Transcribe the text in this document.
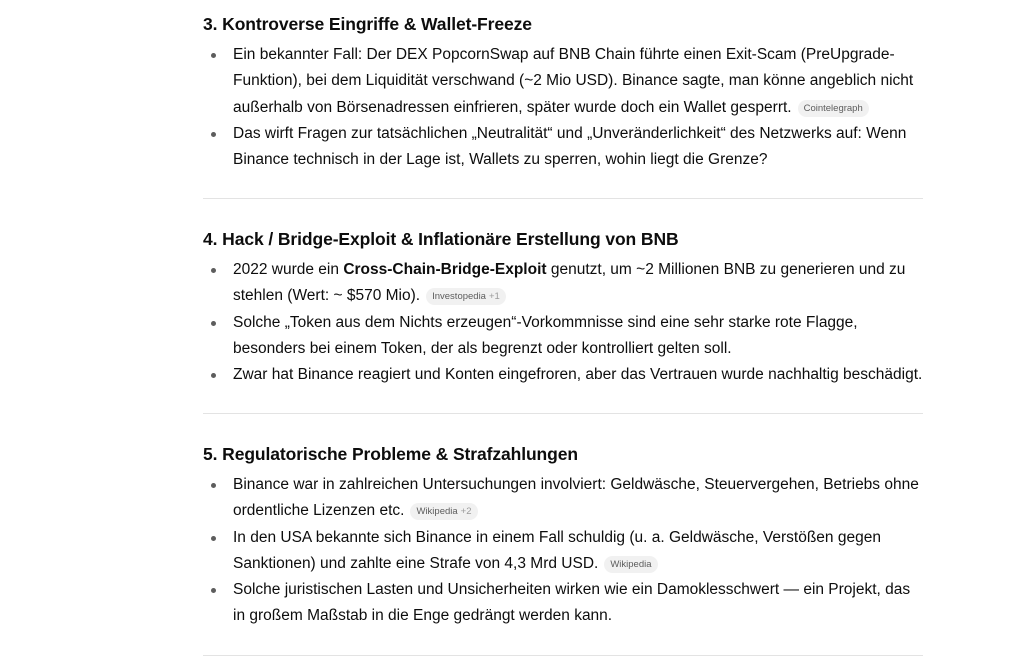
3. Kontroverse Eingriffe & Wallet-Freeze
Ein bekannter Fall: Der DEX PopcornSwap auf BNB Chain führte einen Exit-Scam (PreUpgrade-Funktion), bei dem Liquidität verschwand (~2 Mio USD). Binance sagte, man könne angeblich nicht außerhalb von Börsenadressen einfrieren, später wurde doch ein Wallet gesperrt. Cointelegraph
Das wirft Fragen zur tatsächlichen „Neutralität“ und „Unveränderlichkeit“ des Netzwerks auf: Wenn Binance technisch in der Lage ist, Wallets zu sperren, wohin liegt die Grenze?
4. Hack / Bridge-Exploit & Inflationäre Erstellung von BNB
2022 wurde ein Cross-Chain-Bridge-Exploit genutzt, um ~2 Millionen BNB zu generieren und zu stehlen (Wert: ~ $570 Mio). Investopedia +1
Solche „Token aus dem Nichts erzeugen“-Vorkommnisse sind eine sehr starke rote Flagge, besonders bei einem Token, der als begrenzt oder kontrolliert gelten soll.
Zwar hat Binance reagiert und Konten eingefroren, aber das Vertrauen wurde nachhaltig beschädigt.
5. Regulatorische Probleme & Strafzahlungen
Binance war in zahlreichen Untersuchungen involviert: Geldwäsche, Steuervergehen, Betriebs ohne ordentliche Lizenzen etc. Wikipedia +2
In den USA bekannte sich Binance in einem Fall schuldig (u. a. Geldwäsche, Verstößen gegen Sanktionen) und zahlte eine Strafe von 4,3 Mrd USD. Wikipedia
Solche juristischen Lasten und Unsicherheiten wirken wie ein Damoklesschwert — ein Projekt, das in großem Maßstab in die Enge gedrängt werden kann.
